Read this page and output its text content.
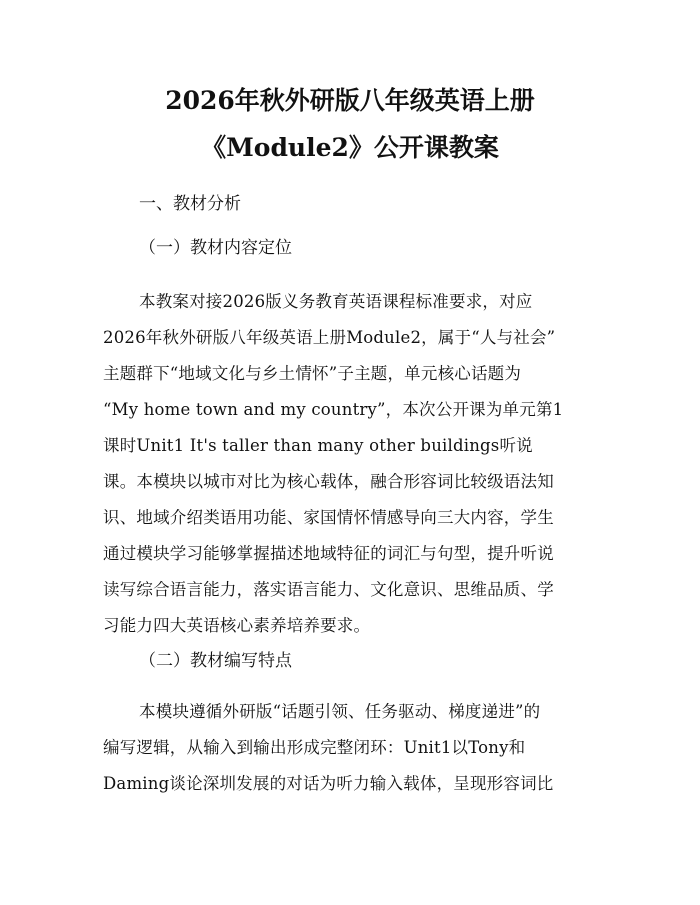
2026年秋外研版八年级英语上册
《Module2》公开课教案
一、教材分析
（一）教材内容定位
本教案对接2026版义务教育英语课程标准要求，对应
2026年秋外研版八年级英语上册Module2，属于“人与社会”
主题群下“地域文化与乡土情怀”子主题，单元核心话题为
“My home town and my country”，本次公开课为单元第1
课时Unit1 It's taller than many other buildings听说
课。本模块以城市对比为核心载体，融合形容词比较级语法知
识、地域介绍类语用功能、家国情怀情感导向三大内容，学生
通过模块学习能够掌握描述地域特征的词汇与句型，提升听说
读写综合语言能力，落实语言能力、文化意识、思维品质、学
习能力四大英语核心素养培养要求。
（二）教材编写特点
本模块遵循外研版“话题引领、任务驱动、梯度递进”的
编写逻辑，从输入到输出形成完整闭环：Unit1以Tony和
Daming谈论深圳发展的对话为听力输入载体，呈现形容词比
